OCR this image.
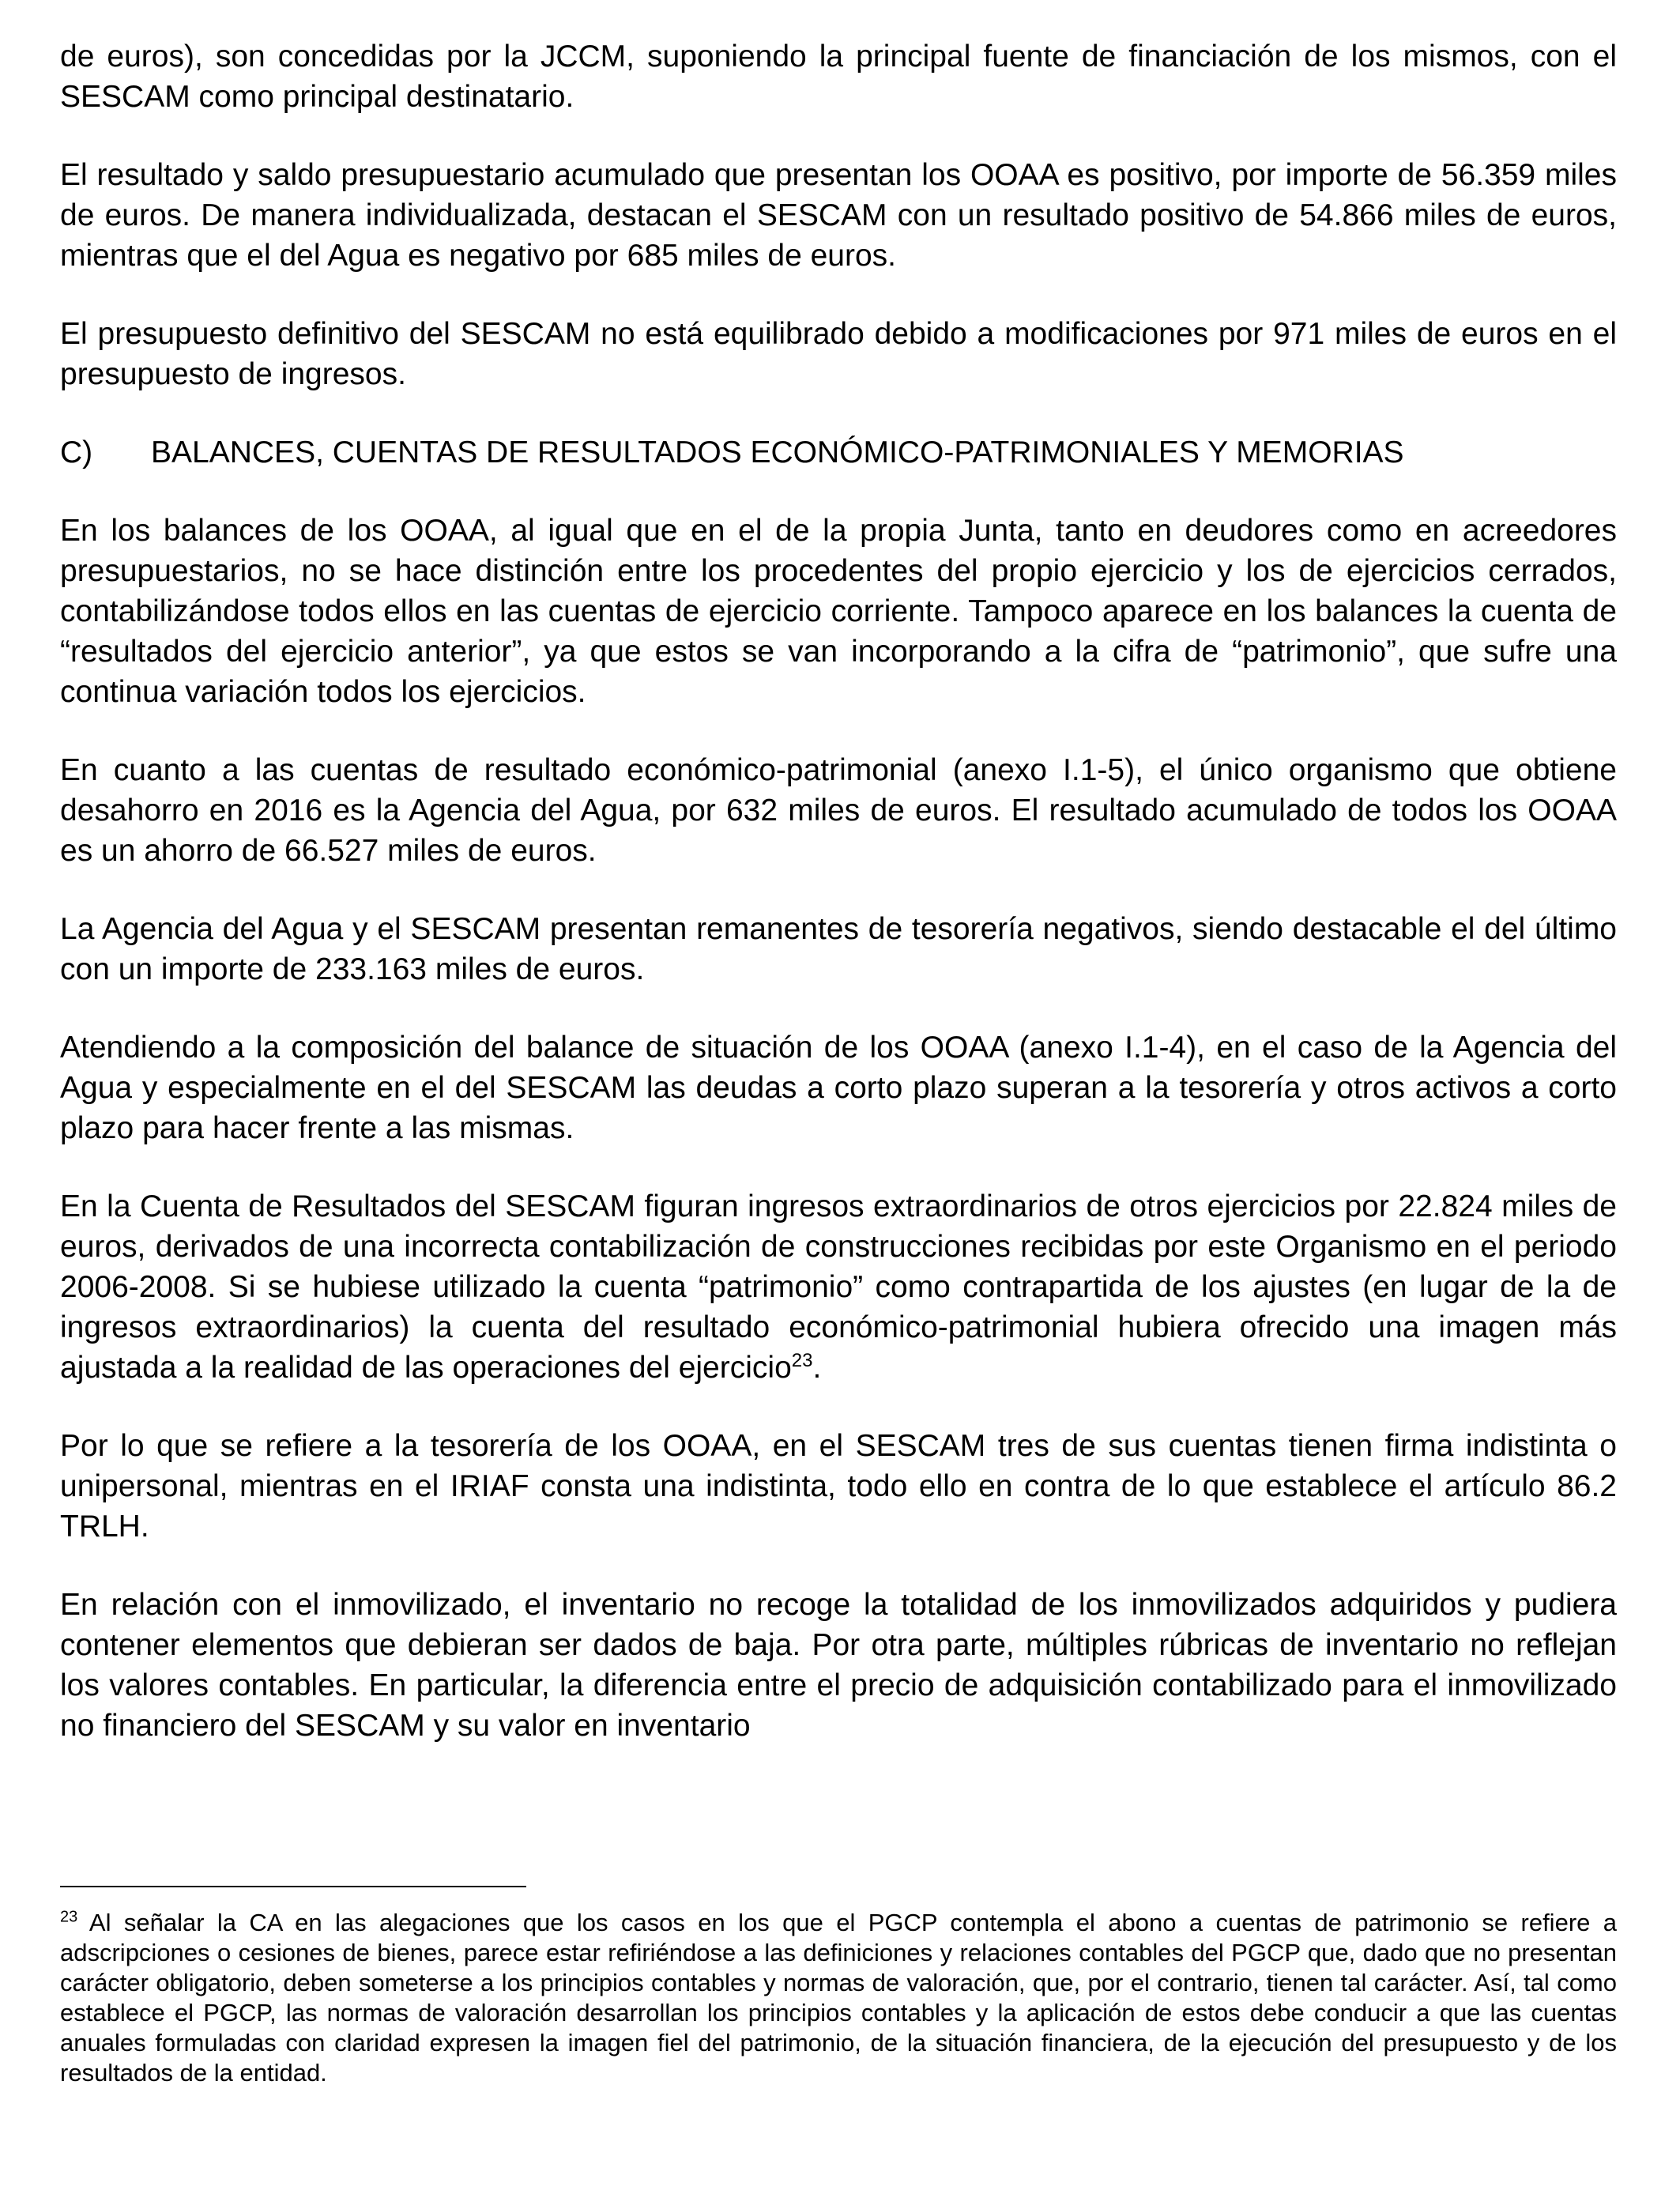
de euros), son concedidas por la JCCM, suponiendo la principal fuente de financiación de los mismos, con el SESCAM como principal destinatario.

El resultado y saldo presupuestario acumulado que presentan los OOAA es positivo, por importe de 56.359 miles de euros. De manera individualizada, destacan el SESCAM con un resultado positivo de 54.866 miles de euros, mientras que el del Agua es negativo por 685 miles de euros.

El presupuesto definitivo del SESCAM no está equilibrado debido a modificaciones por 971 miles de euros en el presupuesto de ingresos.

C)	BALANCES, CUENTAS DE RESULTADOS ECONÓMICO-PATRIMONIALES Y MEMORIAS

En los balances de los OOAA, al igual que en el de la propia Junta, tanto en deudores como en acreedores presupuestarios, no se hace distinción entre los procedentes del propio ejercicio y los de ejercicios cerrados, contabilizándose todos ellos en las cuentas de ejercicio corriente. Tampoco aparece en los balances la cuenta de “resultados del ejercicio anterior”, ya que estos se van incorporando a la cifra de “patrimonio”, que sufre una continua variación todos los ejercicios.

En cuanto a las cuentas de resultado económico-patrimonial (anexo I.1-5), el único organismo que obtiene desahorro en 2016 es la Agencia del Agua, por 632 miles de euros. El resultado acumulado de todos los OOAA es un ahorro de 66.527 miles de euros.

La Agencia del Agua y el SESCAM presentan remanentes de tesorería negativos, siendo destacable el del último con un importe de 233.163 miles de euros.

Atendiendo a la composición del balance de situación de los OOAA (anexo I.1-4), en el caso de la Agencia del Agua y especialmente en el del SESCAM las deudas a corto plazo superan a la tesorería y otros activos a corto plazo para hacer frente a las mismas.

En la Cuenta de Resultados del SESCAM figuran ingresos extraordinarios de otros ejercicios por 22.824 miles de euros, derivados de una incorrecta contabilización de construcciones recibidas por este Organismo en el periodo 2006-2008. Si se hubiese utilizado la cuenta “patrimonio” como contrapartida de los ajustes (en lugar de la de ingresos extraordinarios) la cuenta del resultado económico-patrimonial hubiera ofrecido una imagen más ajustada a la realidad de las operaciones del ejercicio$^{23}$.

Por lo que se refiere a la tesorería de los OOAA, en el SESCAM tres de sus cuentas tienen firma indistinta o unipersonal, mientras en el IRIAF consta una indistinta, todo ello en contra de lo que establece el artículo 86.2 TRLH.

En relación con el inmovilizado, el inventario no recoge la totalidad de los inmovilizados adquiridos y pudiera contener elementos que debieran ser dados de baja. Por otra parte, múltiples rúbricas de inventario no reflejan los valores contables. En particular, la diferencia entre el precio de adquisición contabilizado para el inmovilizado no financiero del SESCAM y su valor en inventario

$^{23}$ Al señalar la CA en las alegaciones que los casos en los que el PGCP contempla el abono a cuentas de patrimonio se refiere a adscripciones o cesiones de bienes, parece estar refiriéndose a las definiciones y relaciones contables del PGCP que, dado que no presentan carácter obligatorio, deben someterse a los principios contables y normas de valoración, que, por el contrario, tienen tal carácter. Así, tal como establece el PGCP, las normas de valoración desarrollan los principios contables y la aplicación de estos debe conducir a que las cuentas anuales formuladas con claridad expresen la imagen fiel del patrimonio, de la situación financiera, de la ejecución del presupuesto y de los resultados de la entidad.
